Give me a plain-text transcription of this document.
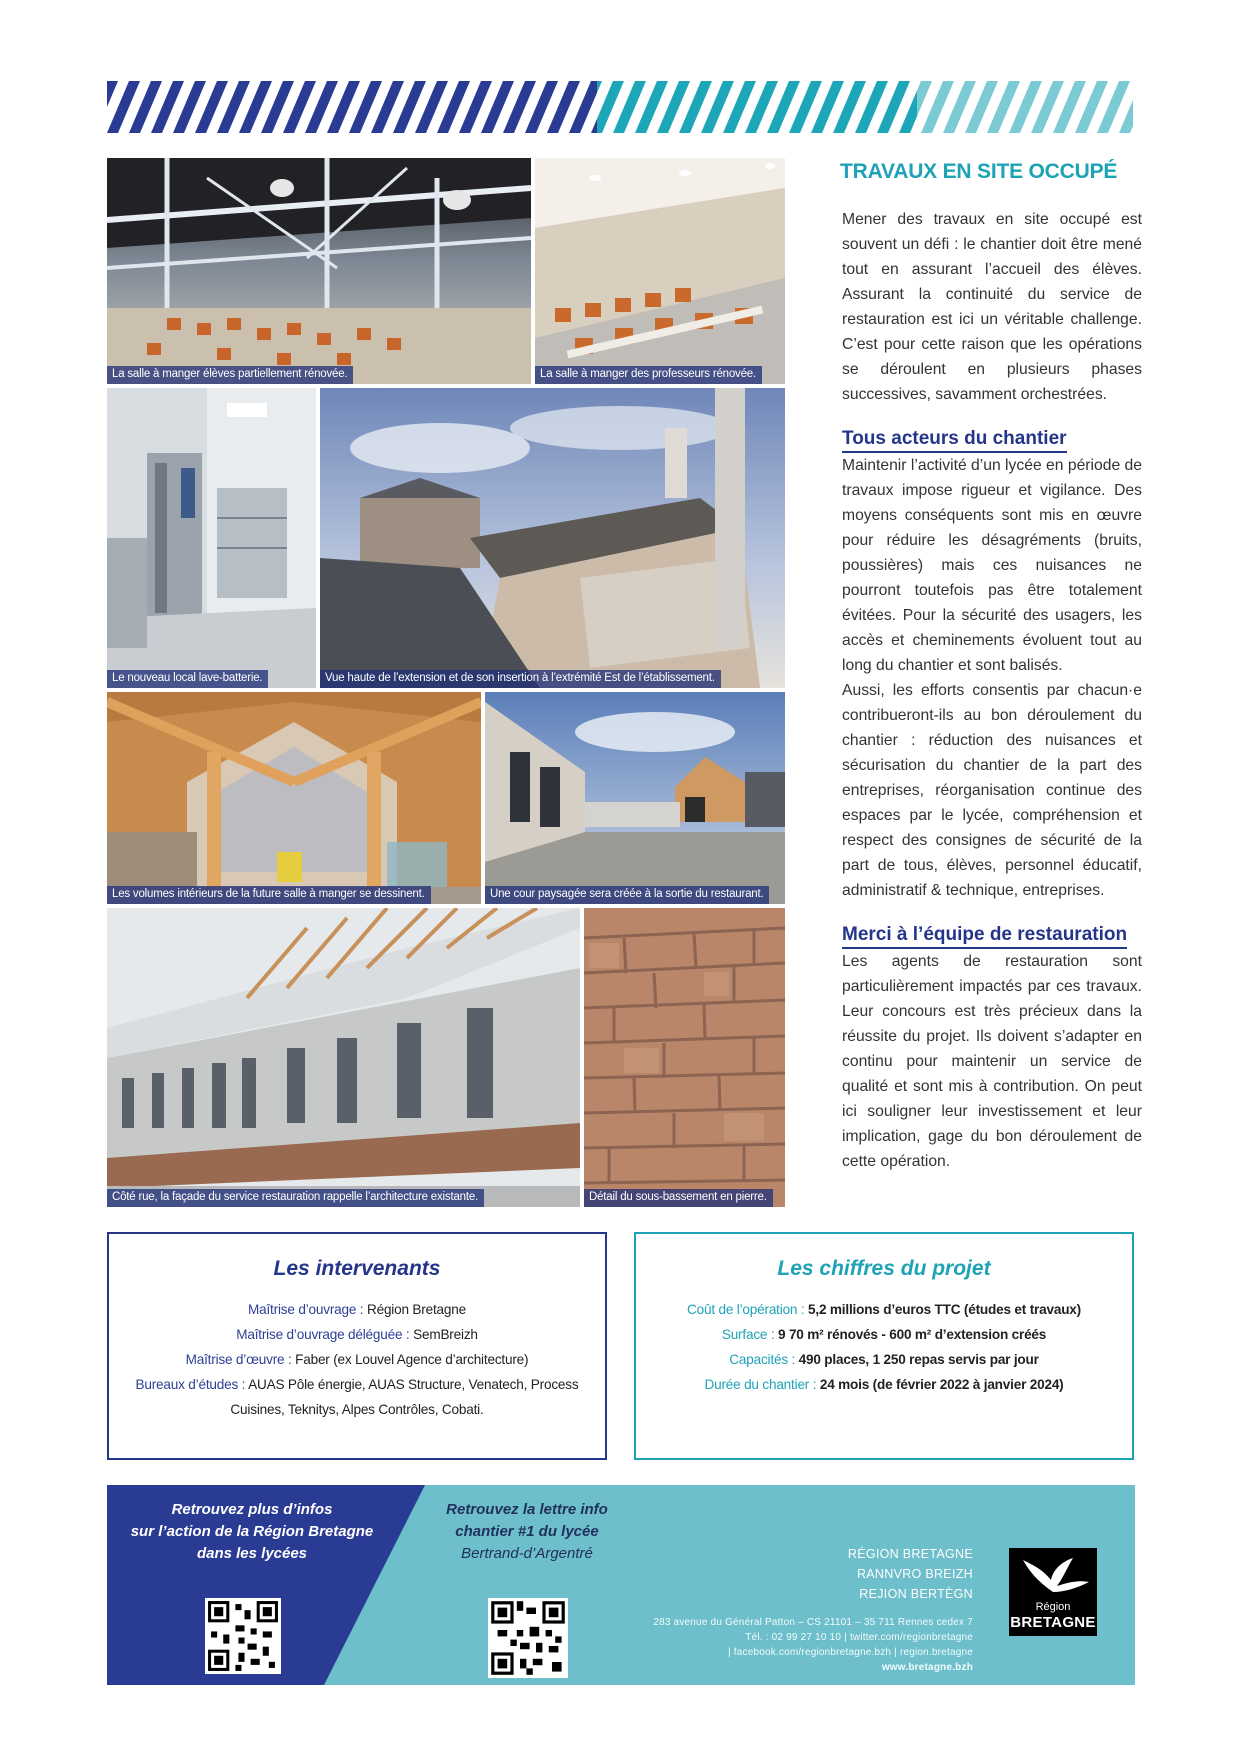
La salle à manger élèves partiellement rénovée.	La salle à manger des professeurs rénovée.
Le nouveau local lave-batterie.	Vue haute de l’extension et de son insertion à l’extrémité Est de l’établissement.
Les volumes intérieurs de la future salle à manger se dessinent.	Une cour paysagée sera créée à la sortie du restaurant.
Côté rue, la façade du service restauration rappelle l’architecture existante.	Détail du sous-bassement en pierre.
TRAVAUX EN SITE OCCUPÉ

Mener des travaux en site occupé est souvent un défi : le chantier doit être mené tout en assurant l’accueil des élèves. Assurant la continuité du service de restauration est ici un véritable challenge. C’est pour cette raison que les opérations se déroulent en plusieurs phases successives, savamment orchestrées.

Tous acteurs du chantier

Maintenir l’activité d’un lycée en période de travaux impose rigueur et vigilance. Des moyens conséquents sont mis en œuvre pour réduire les désagréments (bruits, poussières) mais ces nuisances ne pourront toutefois pas être totalement évitées. Pour la sécurité des usagers, les accès et cheminements évoluent tout au long du chantier et sont balisés.

Aussi, les efforts consentis par chacun·e contribueront-ils au bon déroulement du chantier : réduction des nuisances et sécurisation du chantier de la part des entreprises, réorganisation continue des espaces par le lycée, compréhension et respect des consignes de sécurité de la part de tous, élèves, personnel éducatif, administratif & technique, entreprises.

Merci à l’équipe de restauration

Les agents de restauration sont particulièrement impactés par ces travaux. Leur concours est très précieux dans la réussite du projet. Ils doivent s’adapter en continu pour maintenir un service de qualité et sont mis à contribution. On peut ici souligner leur investissement et leur implication, gage du bon déroulement de cette opération.

Les intervenants
Maîtrise d’ouvrage : Région Bretagne
Maîtrise d’ouvrage déléguée : SemBreizh
Maîtrise d’œuvre : Faber (ex Louvel Agence d’architecture)
Bureaux d’études : AUAS Pôle énergie, AUAS Structure, Venatech, Process
Cuisines, Teknitys, Alpes Contrôles, Cobati.
Les chiffres du projet
Coût de l’opération : 5,2 millions d’euros TTC (études et travaux)
Surface : 9 70 m² rénovés - 600 m² d’extension créés
Capacités : 490 places, 1 250 repas servis par jour
Durée du chantier : 24 mois (de février 2022 à janvier 2024)
Retrouvez plus d’infos
sur l’action de la Région Bretagne
dans les lycées
Retrouvez la lettre info
chantier #1 du lycée
Bertrand-d’Argentré	RÉGION BRETAGNE
RANNVRO BREIZH
REJION BERTÈGN
283 avenue du Général Patton – CS 21101 – 35 711 Rennes cedex 7
Tél. : 02 99 27 10 10 | twitter.com/regionbretagne
| facebook.com/regionbretagne.bzh | region.bretagne
www.bretagne.bzh
Région
BRETAGNE
